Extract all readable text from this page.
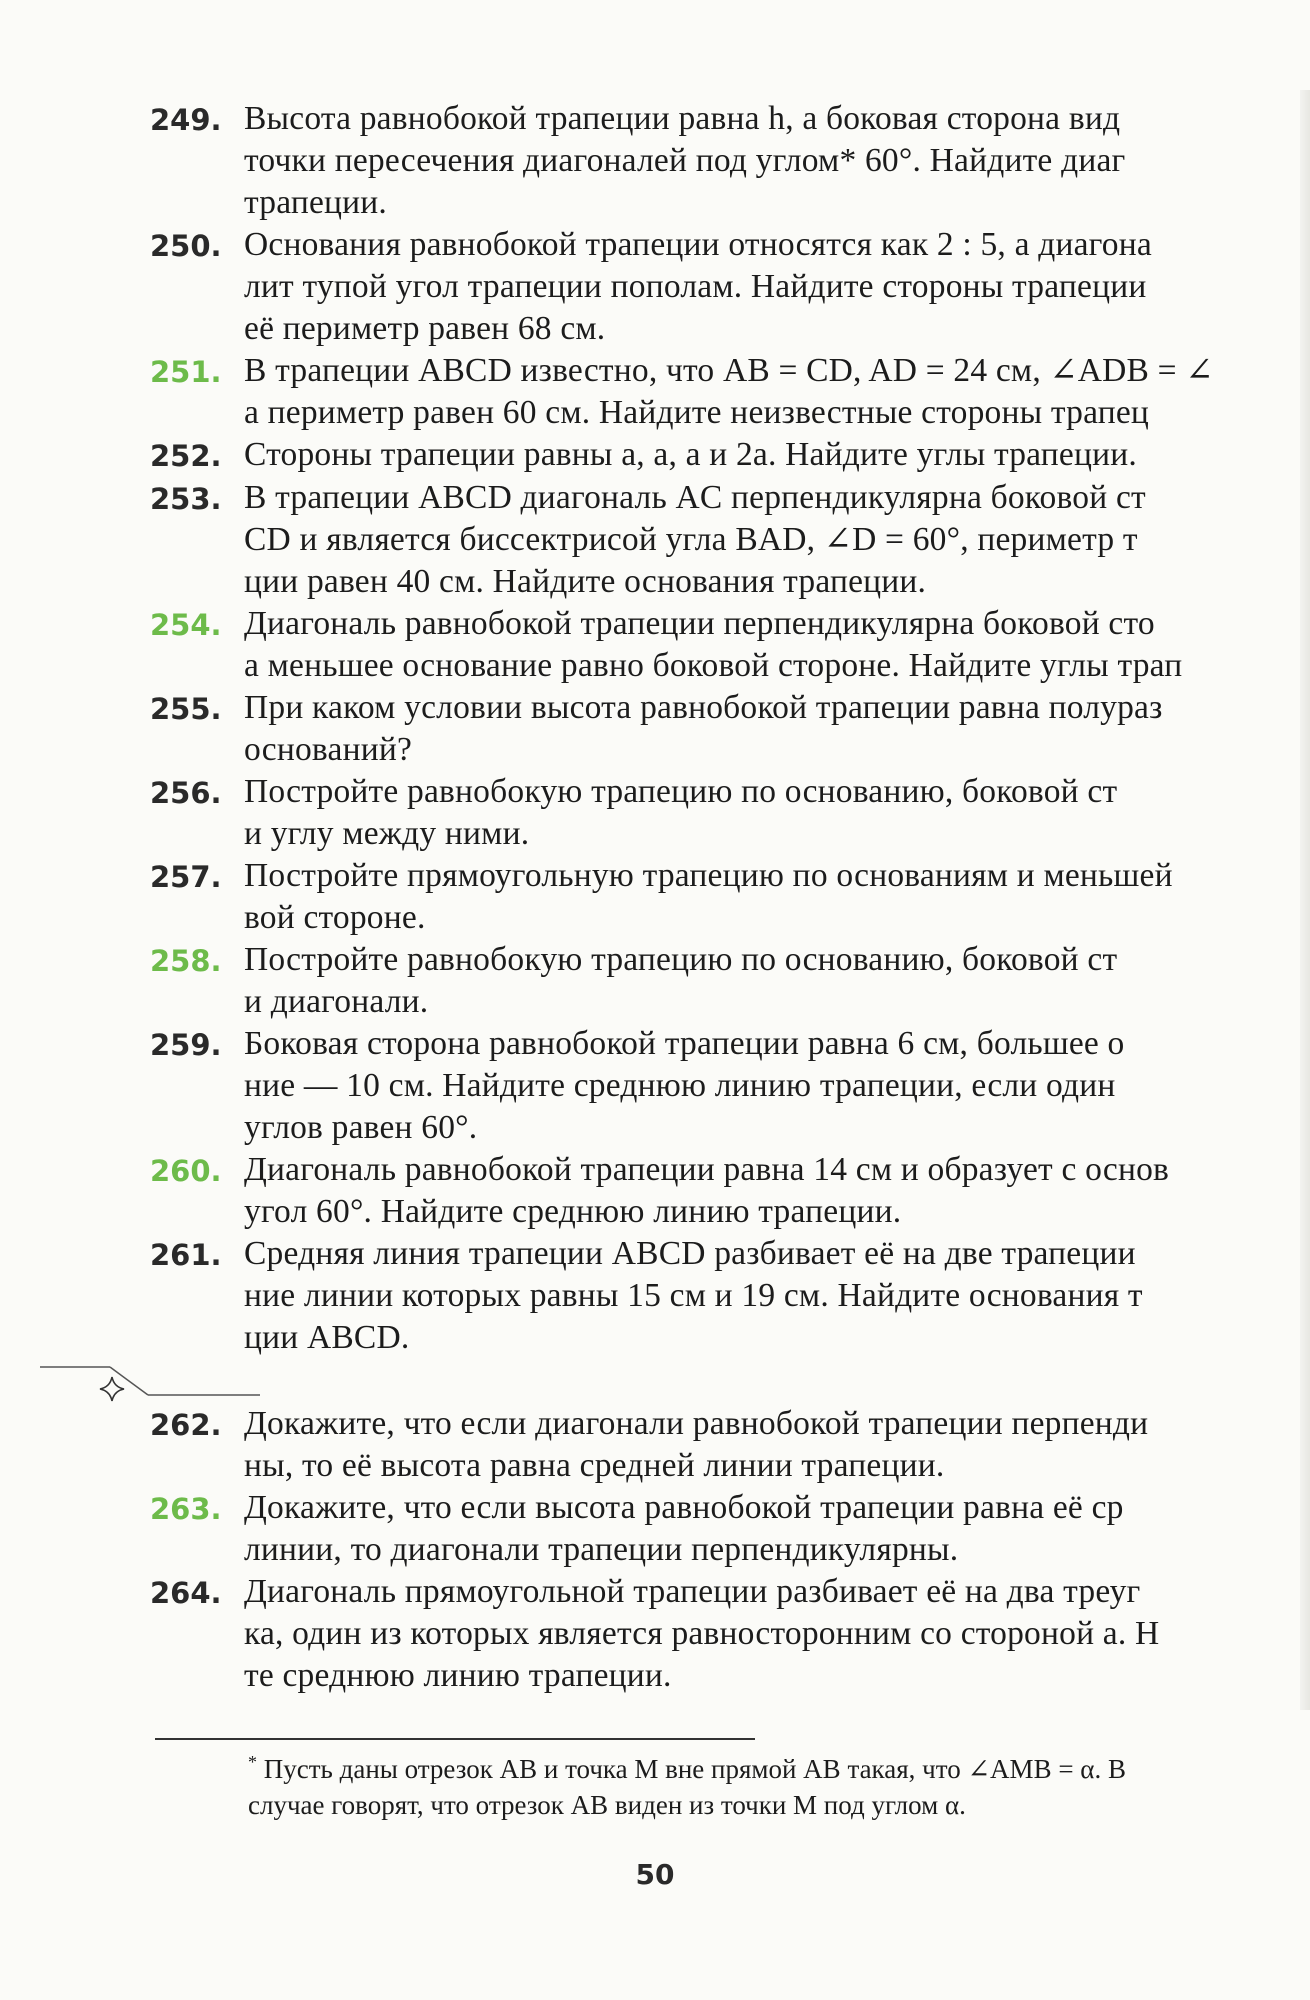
249. Высота равнобокой трапеции равна h, а боковая сторона вид
точки пересечения диагоналей под углом* 60°. Найдите диаг
трапеции.
250. Основания равнобокой трапеции относятся как 2 : 5, а диагона
лит тупой угол трапеции пополам. Найдите стороны трапеции
её периметр равен 68 см.
251. В трапеции ABCD известно, что AB = CD, AD = 24 см, ∠ADB = ∠
а периметр равен 60 см. Найдите неизвестные стороны трапец
252. Стороны трапеции равны a, a, a и 2a. Найдите углы трапеции.
253. В трапеции ABCD диагональ AC перпендикулярна боковой ст
CD и является биссектрисой угла BAD, ∠D = 60°, периметр т
ции равен 40 см. Найдите основания трапеции.
254. Диагональ равнобокой трапеции перпендикулярна боковой сто
а меньшее основание равно боковой стороне. Найдите углы трап
255. При каком условии высота равнобокой трапеции равна полураз
оснований?
256. Постройте равнобокую трапецию по основанию, боковой ст
и углу между ними.
257. Постройте прямоугольную трапецию по основаниям и меньшей
вой стороне.
258. Постройте равнобокую трапецию по основанию, боковой ст
и диагонали.
259. Боковая сторона равнобокой трапеции равна 6 см, большее о
ние — 10 см. Найдите среднюю линию трапеции, если один
углов равен 60°.
260. Диагональ равнобокой трапеции равна 14 см и образует с основ
угол 60°. Найдите среднюю линию трапеции.
261. Средняя линия трапеции ABCD разбивает её на две трапеции
ние линии которых равны 15 см и 19 см. Найдите основания т
ции ABCD.
262. Докажите, что если диагонали равнобокой трапеции перпенди
ны, то её высота равна средней линии трапеции.
263. Докажите, что если высота равнобокой трапеции равна её ср
линии, то диагонали трапеции перпендикулярны.
264. Диагональ прямоугольной трапеции разбивает её на два треуг
ка, один из которых является равносторонним со стороной a. Н
те среднюю линию трапеции.
* Пусть даны отрезок AB и точка M вне прямой AB такая, что ∠AMB = α. В
случае говорят, что отрезок AB виден из точки M под углом α.
50
